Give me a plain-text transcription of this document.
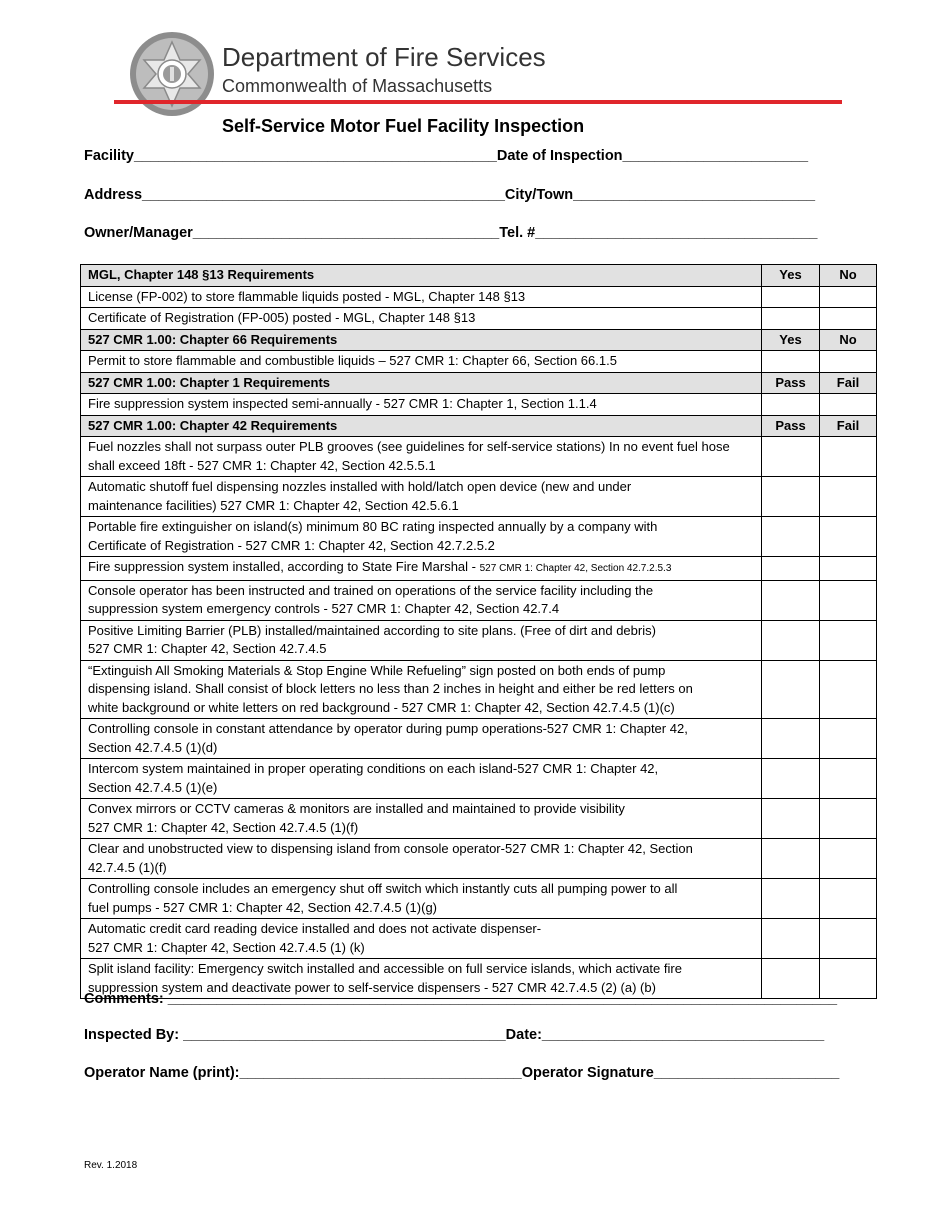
Department of Fire Services
Commonwealth of Massachusetts
Self-Service Motor Fuel Facility Inspection
Facility_____________________________________________Date of Inspection_______________________
Address_____________________________________________City/Town______________________________
Owner/Manager______________________________________Tel. #___________________________________
MGL, Chapter 148 §13 Requirements	Yes	No
License (FP-002) to store flammable liquids posted - MGL, Chapter 148 §13		
Certificate of Registration (FP-005) posted - MGL, Chapter 148 §13		
527 CMR 1.00: Chapter 66 Requirements	Yes	No
Permit to store flammable and combustible liquids – 527 CMR 1: Chapter 66, Section 66.1.5		
527 CMR 1.00: Chapter 1 Requirements	Pass	Fail
Fire suppression system inspected semi-annually - 527 CMR 1: Chapter 1, Section 1.1.4		
527 CMR 1.00: Chapter 42 Requirements	Pass	Fail
Fuel nozzles shall not surpass outer PLB grooves (see guidelines for self-service stations) In no event fuel hose
shall exceed 18ft - 527 CMR 1: Chapter 42, Section 42.5.5.1		
Automatic shutoff fuel dispensing nozzles installed with hold/latch open device (new and under
maintenance facilities) 527 CMR 1: Chapter 42, Section 42.5.6.1		
Portable fire extinguisher on island(s) minimum 80 BC rating inspected annually by a company with
Certificate of Registration - 527 CMR 1: Chapter 42, Section 42.7.2.5.2		
Fire suppression system installed, according to State Fire Marshal - 527 CMR 1: Chapter 42, Section 42.7.2.5.3		
Console operator has been instructed and trained on operations of the service facility including the
suppression system emergency controls - 527 CMR 1: Chapter 42, Section 42.7.4		
Positive Limiting Barrier (PLB) installed/maintained according to site plans. (Free of dirt and debris)
527 CMR 1: Chapter 42, Section 42.7.4.5		
“Extinguish All Smoking Materials & Stop Engine While Refueling” sign posted on both ends of pump
dispensing island. Shall consist of block letters no less than 2 inches in height and either be red letters on
white background or white letters on red background - 527 CMR 1: Chapter 42, Section 42.7.4.5 (1)(c)		
Controlling console in constant attendance by operator during pump operations-527 CMR 1: Chapter 42,
Section 42.7.4.5 (1)(d)		
Intercom system maintained in proper operating conditions on each island-527 CMR 1: Chapter 42,
Section 42.7.4.5 (1)(e)		
Convex mirrors or CCTV cameras & monitors are installed and maintained to provide visibility
527 CMR 1: Chapter 42, Section 42.7.4.5 (1)(f)		
Clear and unobstructed view to dispensing island from console operator-527 CMR 1: Chapter 42, Section
42.7.4.5 (1)(f)		
Controlling console includes an emergency shut off switch which instantly cuts all pumping power to all
fuel pumps - 527 CMR 1: Chapter 42, Section 42.7.4.5 (1)(g)		
Automatic credit card reading device installed and does not activate dispenser-
527 CMR 1: Chapter 42, Section 42.7.4.5 (1) (k)		
Split island facility: Emergency switch installed and accessible on full service islands, which activate fire
suppression system and deactivate power to self-service dispensers - 527 CMR 42.7.4.5 (2) (a) (b)		
Comments: ___________________________________________________________________________________
Inspected By: ________________________________________Date:___________________________________
Operator Name (print):___________________________________Operator Signature_______________________
Rev. 1.2018
